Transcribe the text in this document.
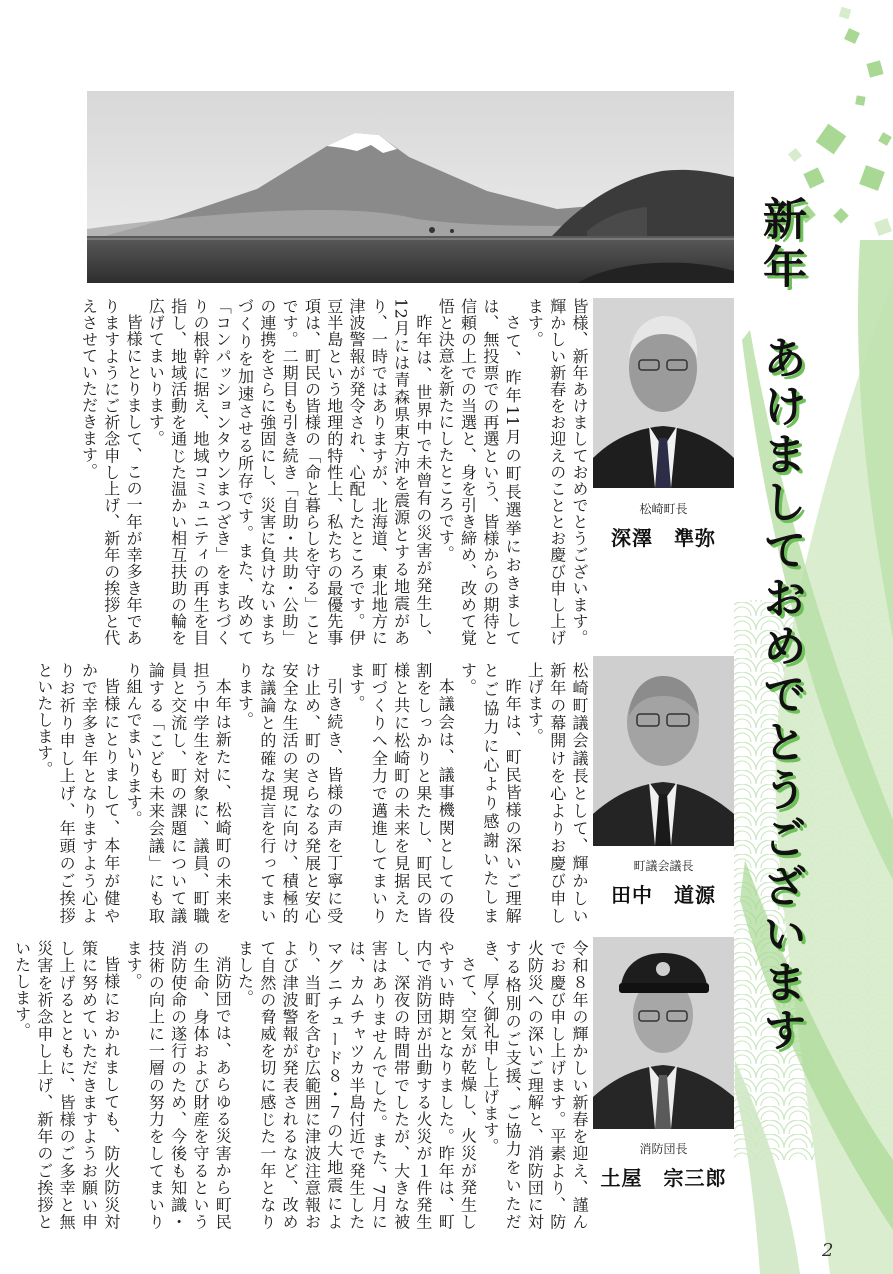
新年
あけましておめでとうございます
松崎町長
深澤　準弥

皆様、新年あけましておめでとうございます。輝かしい新春をお迎えのこととお慶び申し上げます。

さて、昨年11月の町長選挙におきましては、無投票での再選という、皆様からの期待と信頼の上での当選と、身を引き締め、改めて覚悟と決意を新たにしたところです。

昨年は、世界中で未曾有の災害が発生し、12月には青森県東方沖を震源とする地震があり、一時ではありますが、北海道、東北地方に津波警報が発令され、心配したところです。伊豆半島という地理的特性上、私たちの最優先事項は、町民の皆様の「命と暮らしを守る」ことです。二期目も引き続き「自助・共助・公助」の連携をさらに強固にし、災害に負けないまちづくりを加速させる所存です。また、改めて「コンパッションタウンまつざき」をまちづくりの根幹に据え、地域コミュニティの再生を目指し、地域活動を通じた温かい相互扶助の輪を広げてまいります。

皆様にとりまして、この一年が幸多き年でありますようにご祈念申し上げ、新年の挨拶と代えさせていただきます。

町議会議長
田中　道源

松崎町議会議長として、輝かしい新年の幕開けを心よりお慶び申し上げます。

昨年は、町民皆様の深いご理解とご協力に心より感謝いたします。

本議会は、議事機関としての役割をしっかりと果たし、町民の皆様と共に松崎町の未来を見据えた町づくりへ全力で邁進してまいります。

引き続き、皆様の声を丁寧に受け止め、町のさらなる発展と安心安全な生活の実現に向け、積極的な議論と的確な提言を行ってまいります。

本年は新たに、松崎町の未来を担う中学生を対象に、議員、町職員と交流し、町の課題について議論する「こども未来会議」にも取り組んでまいります。

皆様にとりまして、本年が健やかで幸多き年となりますよう心よりお祈り申し上げ、年頭のご挨拶といたします。

消防団長
土屋　宗三郎

令和８年の輝かしい新春を迎え、謹んでお慶び申し上げます。平素より、防火防災への深いご理解と、消防団に対する格別のご支援、ご協力をいただき、厚く御礼申し上げます。

さて、空気が乾燥し、火災が発生しやすい時期となりました。昨年は、町内で消防団が出動する火災が１件発生し、深夜の時間帯でしたが、大きな被害はありませんでした。また、7月には、カムチャツカ半島付近で発生したマグニチュード８・７の大地震により、当町を含む広範囲に津波注意報および津波警報が発表されるなど、改めて自然の脅威を切に感じた一年となりました。

消防団では、あらゆる災害から町民の生命、身体および財産を守るという消防使命の遂行のため、今後も知識・技術の向上に一層の努力をしてまいります。

皆様におかれましても、防火防災対策に努めていただきますようお願い申し上げるとともに、皆様のご多幸と無災害を祈念申し上げ、新年のご挨拶といたします。

2
